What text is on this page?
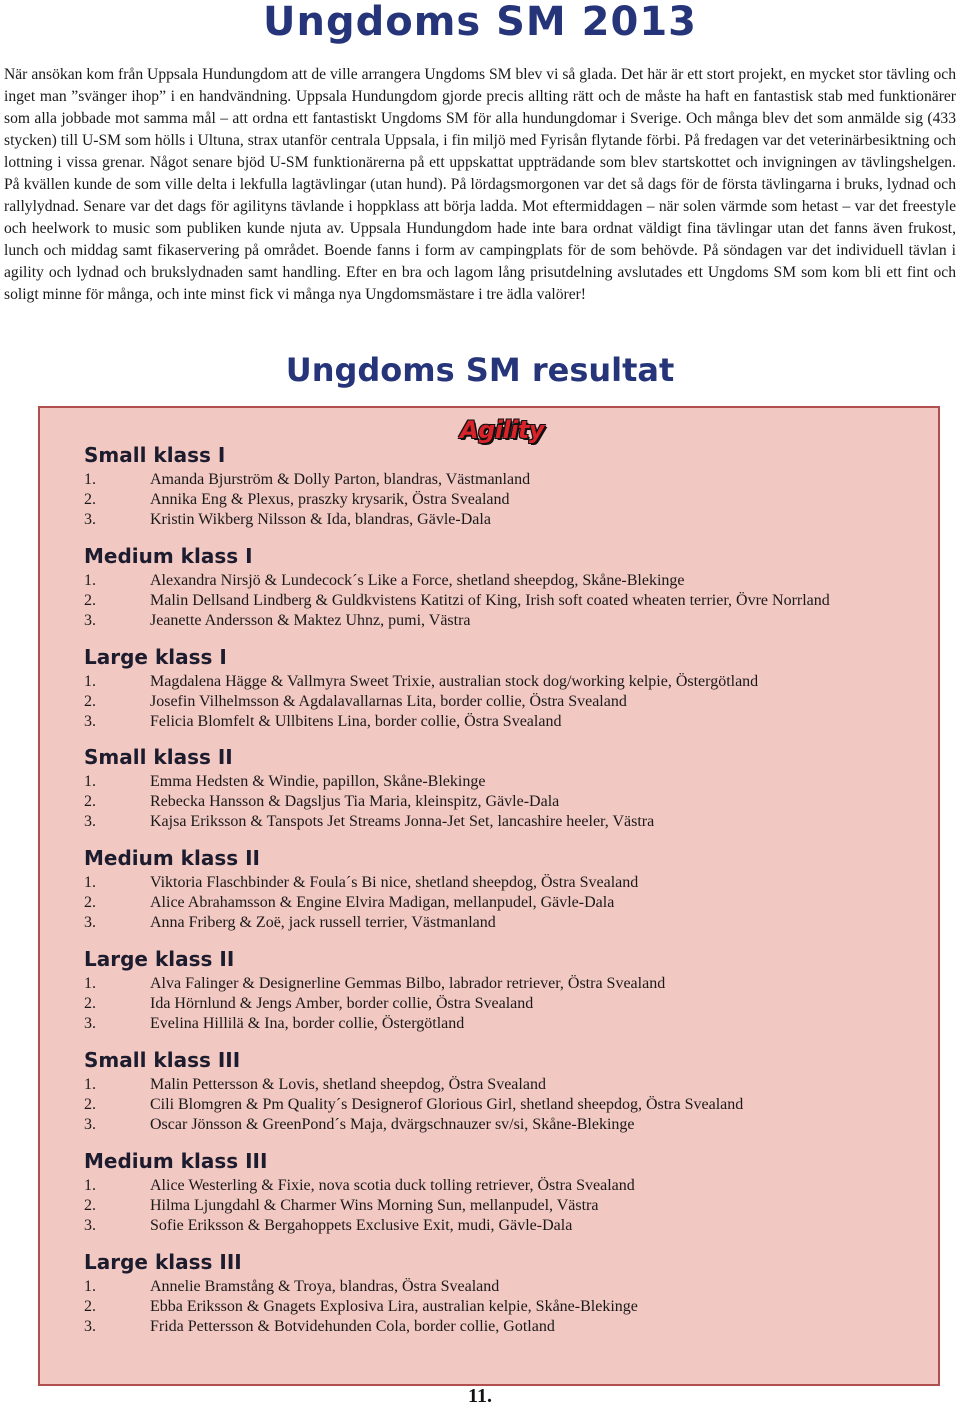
Ungdoms SM 2013

När ansökan kom från Uppsala Hundungdom att de ville arrangera Ungdoms SM blev vi så glada. Det här är ett stort projekt, en mycket stor tävling och inget man ”svänger ihop” i en handvändning. Uppsala Hundungdom gjorde precis allting rätt och de måste ha haft en fantastisk stab med funktionärer som alla jobbade mot samma mål – att ordna ett fantastiskt Ungdoms SM för alla hundungdomar i Sverige. Och många blev det som anmälde sig (433 stycken) till U-SM som hölls i Ultuna, strax utanför centrala Uppsala, i fin miljö med Fyrisån flytande förbi. På fredagen var det veterinärbesiktning och lottning i vissa grenar. Något senare bjöd U-SM funktionärerna på ett uppskattat uppträdande som blev startskottet och invigningen av tävlingshelgen. På kvällen kunde de som ville delta i lekfulla lagtävlingar (utan hund). På lördagsmorgonen var det så dags för de första tävlingarna i bruks, lydnad och rallylydnad. Senare var det dags för agilityns tävlande i hoppklass att börja ladda. Mot eftermiddagen – när solen värmde som hetast – var det freestyle och heelwork to music som publiken kunde njuta av. Uppsala Hundungdom hade inte bara ordnat väldigt fina tävlingar utan det fanns även frukost, lunch och middag samt fikaservering på området. Boende fanns i form av campingplats för de som behövde. På söndagen var det individuell tävlan i agility och lydnad och brukslydnaden samt handling. Efter en bra och lagom lång prisutdelning avslutades ett Ungdoms SM som kom bli ett fint och soligt minne för många, och inte minst fick vi många nya Ungdomsmästare i tre ädla valörer!

Ungdoms SM resultat
Agility
Small klass I
1.	Amanda Bjurström & Dolly Parton, blandras, Västmanland
2.	Annika Eng & Plexus, praszky krysarik, Östra Svealand
3.	Kristin Wikberg Nilsson & Ida, blandras, Gävle-Dala
Medium klass I
1.	Alexandra Nirsjö & Lundecock´s Like a Force, shetland sheepdog, Skåne-Blekinge
2.	Malin Dellsand Lindberg & Guldkvistens Katitzi of King, Irish soft coated wheaten terrier, Övre Norrland
3.	Jeanette Andersson & Maktez Uhnz, pumi, Västra
Large klass I
1.	Magdalena Hägge & Vallmyra Sweet Trixie, australian stock dog/working kelpie, Östergötland
2.	Josefin Vilhelmsson & Agdalavallarnas Lita, border collie, Östra Svealand
3.	Felicia Blomfelt & Ullbitens Lina, border collie, Östra Svealand
Small klass II
1.	Emma Hedsten & Windie, papillon, Skåne-Blekinge
2.	Rebecka Hansson & Dagsljus Tia Maria, kleinspitz, Gävle-Dala
3.	Kajsa Eriksson & Tanspots Jet Streams Jonna-Jet Set, lancashire heeler, Västra
Medium klass II
1.	Viktoria Flaschbinder & Foula´s Bi nice, shetland sheepdog, Östra Svealand
2.	Alice Abrahamsson & Engine Elvira Madigan, mellanpudel, Gävle-Dala
3.	Anna Friberg & Zoë, jack russell terrier, Västmanland
Large klass II
1.	Alva Falinger & Designerline Gemmas Bilbo, labrador retriever, Östra Svealand
2.	Ida Hörnlund & Jengs Amber, border collie, Östra Svealand
3.	Evelina Hillilä & Ina, border collie, Östergötland
Small klass III
1.	Malin Pettersson & Lovis, shetland sheepdog, Östra Svealand
2.	Cili Blomgren & Pm Quality´s Designerof Glorious Girl, shetland sheepdog, Östra Svealand
3.	Oscar Jönsson & GreenPond´s Maja, dvärgschnauzer sv/si, Skåne-Blekinge
Medium klass III
1.	Alice Westerling & Fixie, nova scotia duck tolling retriever, Östra Svealand
2.	Hilma Ljungdahl & Charmer Wins Morning Sun, mellanpudel, Västra
3.	Sofie Eriksson & Bergahoppets Exclusive Exit, mudi, Gävle-Dala
Large klass III
1.	Annelie Bramstång & Troya, blandras, Östra Svealand
2.	Ebba Eriksson & Gnagets Explosiva Lira, australian kelpie, Skåne-Blekinge
3.	Frida Pettersson & Botvidehunden Cola, border collie, Gotland
11.
